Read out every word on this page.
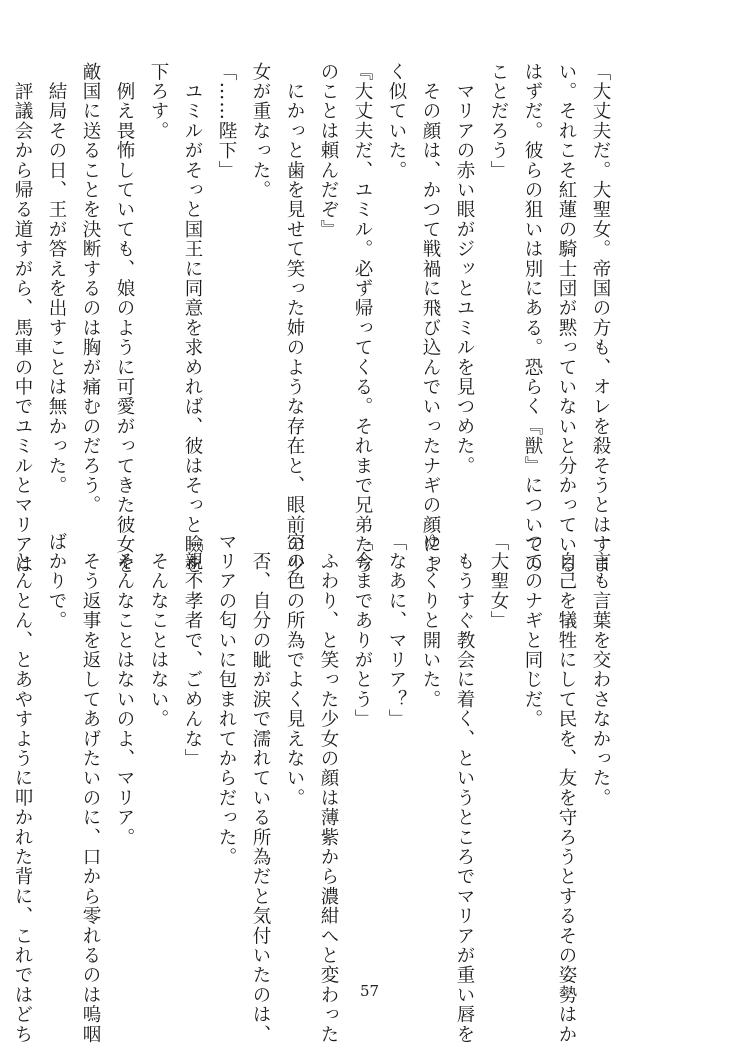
「大丈夫だ。大聖女。帝国の方も、オレを殺そうとはすま
い。それこそ紅蓮の騎士団が黙っていないと分かっている
はずだ。彼らの狙いは別にある。恐らく『獣』についての
ことだろう」
　マリアの赤い眼がジッとユミルを見つめた。
　その顔は、かつて戦禍に飛び込んでいったナギの顔によ
く似ていた。
『大丈夫だ、ユミル。必ず帰ってくる。それまで兄弟たち
のことは頼んだぞ』
　にかっと歯を見せて笑った姉のような存在と、眼前の少
女が重なった。
「……陛下」
　ユミルがそっと国王に同意を求めれば、彼はそっと瞼を
下ろす。
　例え畏怖していても、娘のように可愛がってきた彼女を
敵国に送ることを決断するのは胸が痛むのだろう。
　結局その日、王が答えを出すことは無かった。
　評議会から帰る道すがら、馬車の中でユミルとマリアは
一言も言葉を交わさなかった。
　自己を犠牲にして民を、友を守ろうとするその姿勢はか
つてのナギと同じだ。
「大聖女」
　もうすぐ教会に着く、というところでマリアが重い唇を
ゆっくりと開いた。
「なあに、マリア？」
「今までありがとう」
　ふわり、と笑った少女の顔は薄紫から濃紺へと変わった
空の色の所為でよく見えない。
　否、自分の眦が涙で濡れている所為だと気付いたのは、
マリアの匂いに包まれてからだった。
「親不孝者で、ごめんな」
　そんなことはない。
　そんなことはないのよ、マリア。
　そう返事を返してあげたいのに、口から零れるのは嗚咽
ばかりで。
　とんとん、とあやすように叩かれた背に、これではどち	57
